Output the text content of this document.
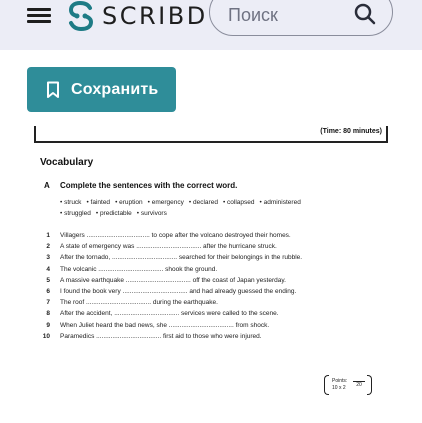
SCRIBD Поиск
Сохранить
(Time: 80 minutes)
Vocabulary
A Complete the sentences with the correct word.
• struck • fainted • eruption • emergency • declared • collapsed • administered
• struggled • predictable • survivors
1 Villagers ................................... to cope after the volcano destroyed their homes.
2 A state of emergency was .................................... after the hurricane struck.
3 After the tornado, .................................... searched for their belongings in the rubble.
4 The volcanic .................................... shook the ground.
5 A massive earthquake .................................... off the coast of Japan yesterday.
6 I found the book very .................................... and had already guessed the ending.
7 The roof .................................... during the earthquake.
8 After the accident, .................................... services were called to the scene.
9 When Juliet heard the bad news, she .................................... from shock.
10 Paramedics .................................... first aid to those who were injured.
Points:
10 x 2	20
